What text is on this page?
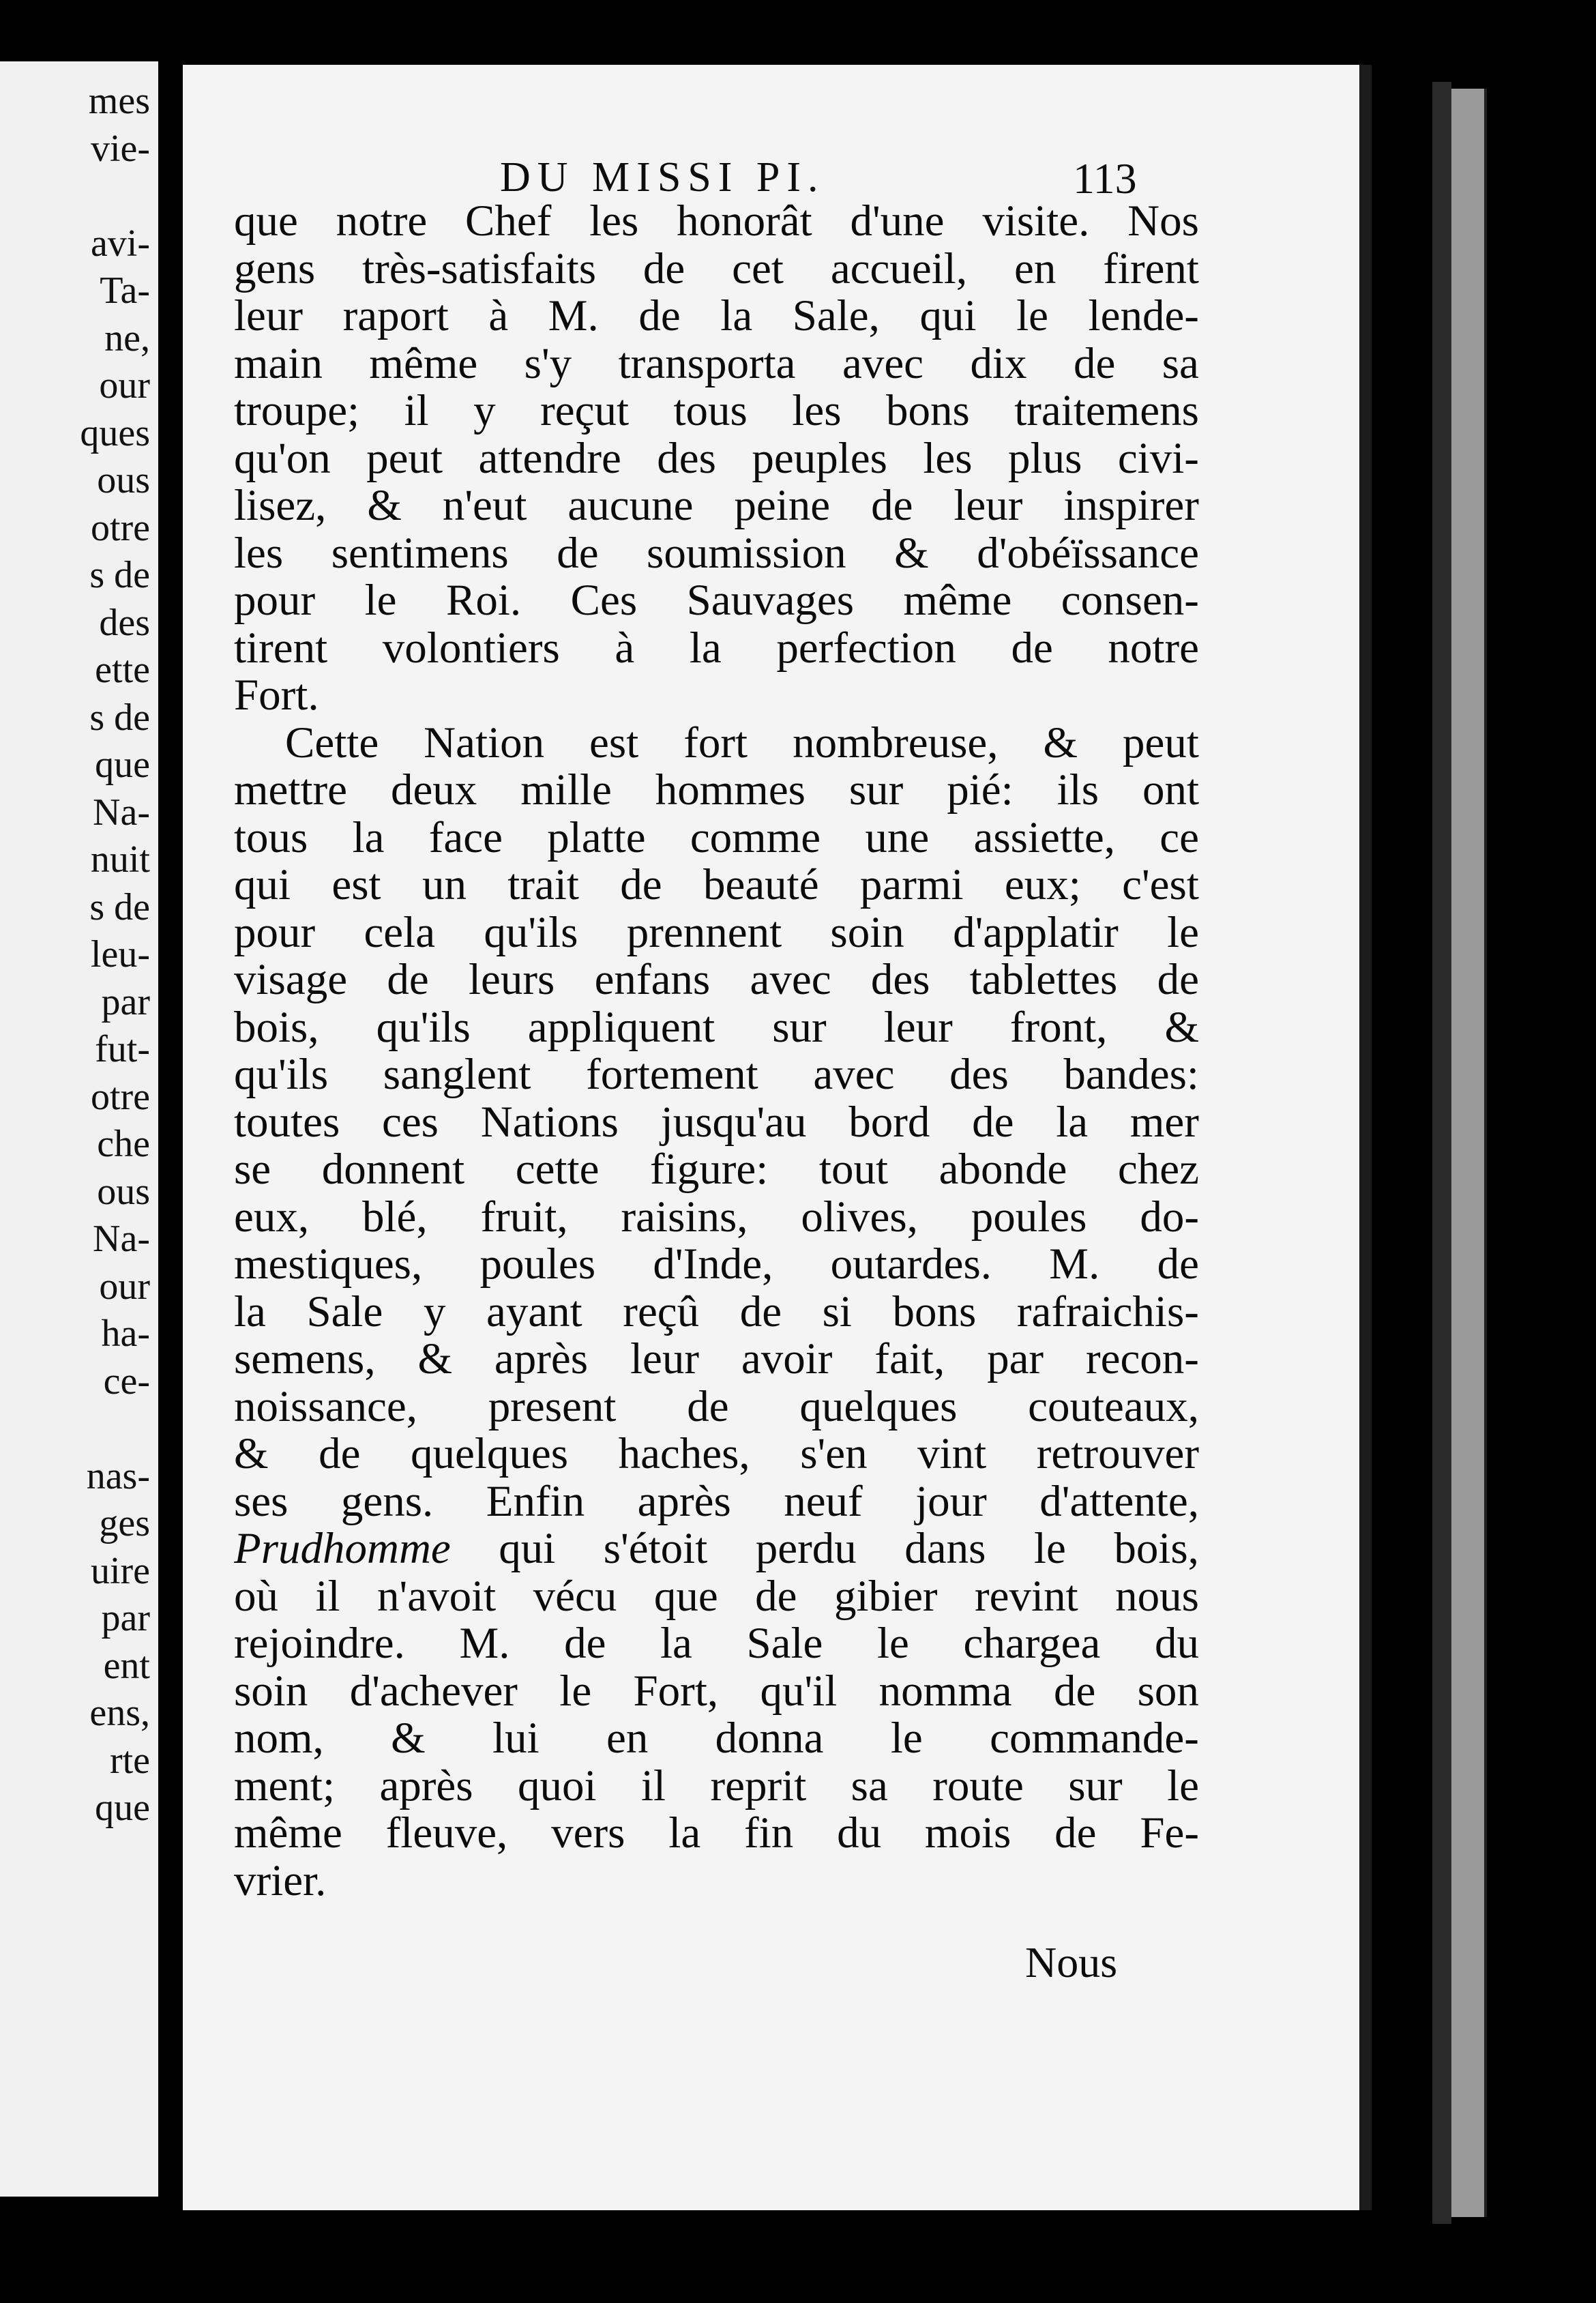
mes
vie-
avi-
Ta-
ne,
our
ques
ous
otre
s de
des
ette
s de
que
Na-
nuit
s de
leu-
par
fut-
otre
che
ous
Na-
our
ha-
ce-
nas-
ges
uire
par
ent
ens,
rte
que
DU MISSI PI.	113
que notre Chef les honorât d'une visite. Nos
gens très-satisfaits de cet accueil, en firent
leur raport à M. de la Sale, qui le lende-
main même s'y transporta avec dix de sa
troupe; il y reçut tous les bons traitemens
qu'on peut attendre des peuples les plus civi-
lisez, & n'eut aucune peine de leur inspirer
les sentimens de soumission & d'obéïssance
pour le Roi. Ces Sauvages même consen-
tirent volontiers à la perfection de notre
Fort.
Cette Nation est fort nombreuse, & peut
mettre deux mille hommes sur pié: ils ont
tous la face platte comme une assiette, ce
qui est un trait de beauté parmi eux; c'est
pour cela qu'ils prennent soin d'applatir le
visage de leurs enfans avec des tablettes de
bois, qu'ils appliquent sur leur front, &
qu'ils sanglent fortement avec des bandes:
toutes ces Nations jusqu'au bord de la mer
se donnent cette figure: tout abonde chez
eux, blé, fruit, raisins, olives, poules do-
mestiques, poules d'Inde, outardes. M. de
la Sale y ayant reçû de si bons rafraichis-
semens, & après leur avoir fait, par recon-
noissance, present de quelques couteaux,
& de quelques haches, s'en vint retrouver
ses gens. Enfin après neuf jour d'attente,
Prudhomme qui s'étoit perdu dans le bois,
où il n'avoit vécu que de gibier revint nous
rejoindre. M. de la Sale le chargea du
soin d'achever le Fort, qu'il nomma de son
nom, & lui en donna le commande-
ment; après quoi il reprit sa route sur le
même fleuve, vers la fin du mois de Fe-
vrier.
Nous
